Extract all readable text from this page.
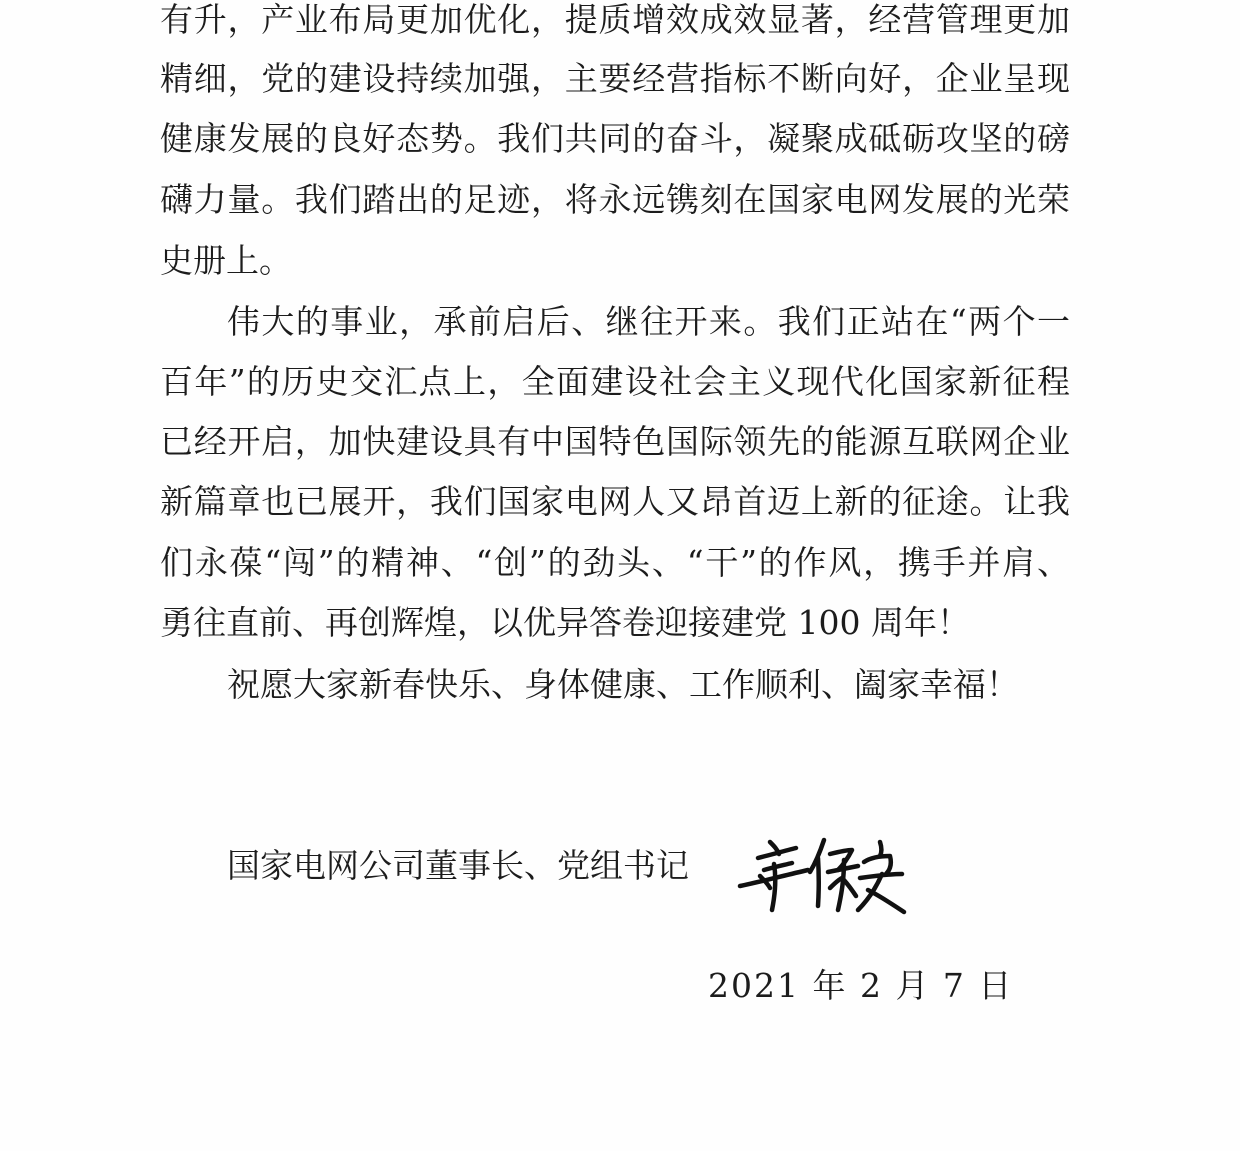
有升，产业布局更加优化，提质增效成效显著，经营管理更加
精细，党的建设持续加强，主要经营指标不断向好，企业呈现
健康发展的良好态势。我们共同的奋斗，凝聚成砥砺攻坚的磅
礴力量。我们踏出的足迹，将永远镌刻在国家电网发展的光荣
史册上。
伟大的事业，承前启后、继往开来。我们正站在“两个一
百年”的历史交汇点上，全面建设社会主义现代化国家新征程
已经开启，加快建设具有中国特色国际领先的能源互联网企业
新篇章也已展开，我们国家电网人又昂首迈上新的征途。让我
们永葆“闯”的精神、“创”的劲头、“干”的作风，携手并肩、
勇往直前、再创辉煌，以优异答卷迎接建党 100 周年！
祝愿大家新春快乐、身体健康、工作顺利、阖家幸福！
国家电网公司董事长、党组书记
2021 年 2 月 7 日
